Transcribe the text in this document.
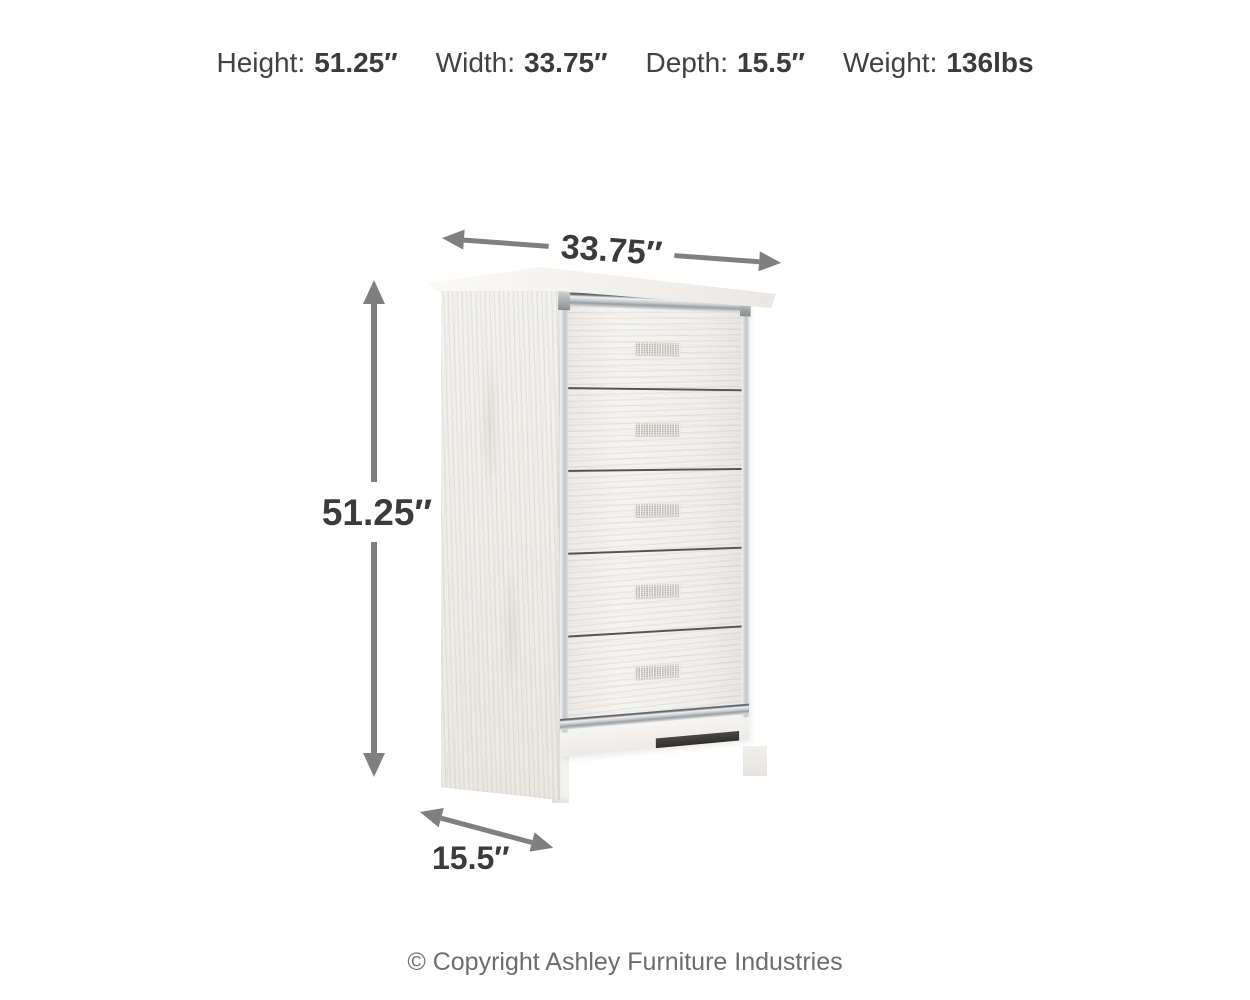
Height: 51.25″ Width: 33.75″ Depth: 15.5″ Weight: 136lbs
33.75″
51.25″
15.5″
© Copyright Ashley Furniture Industries
